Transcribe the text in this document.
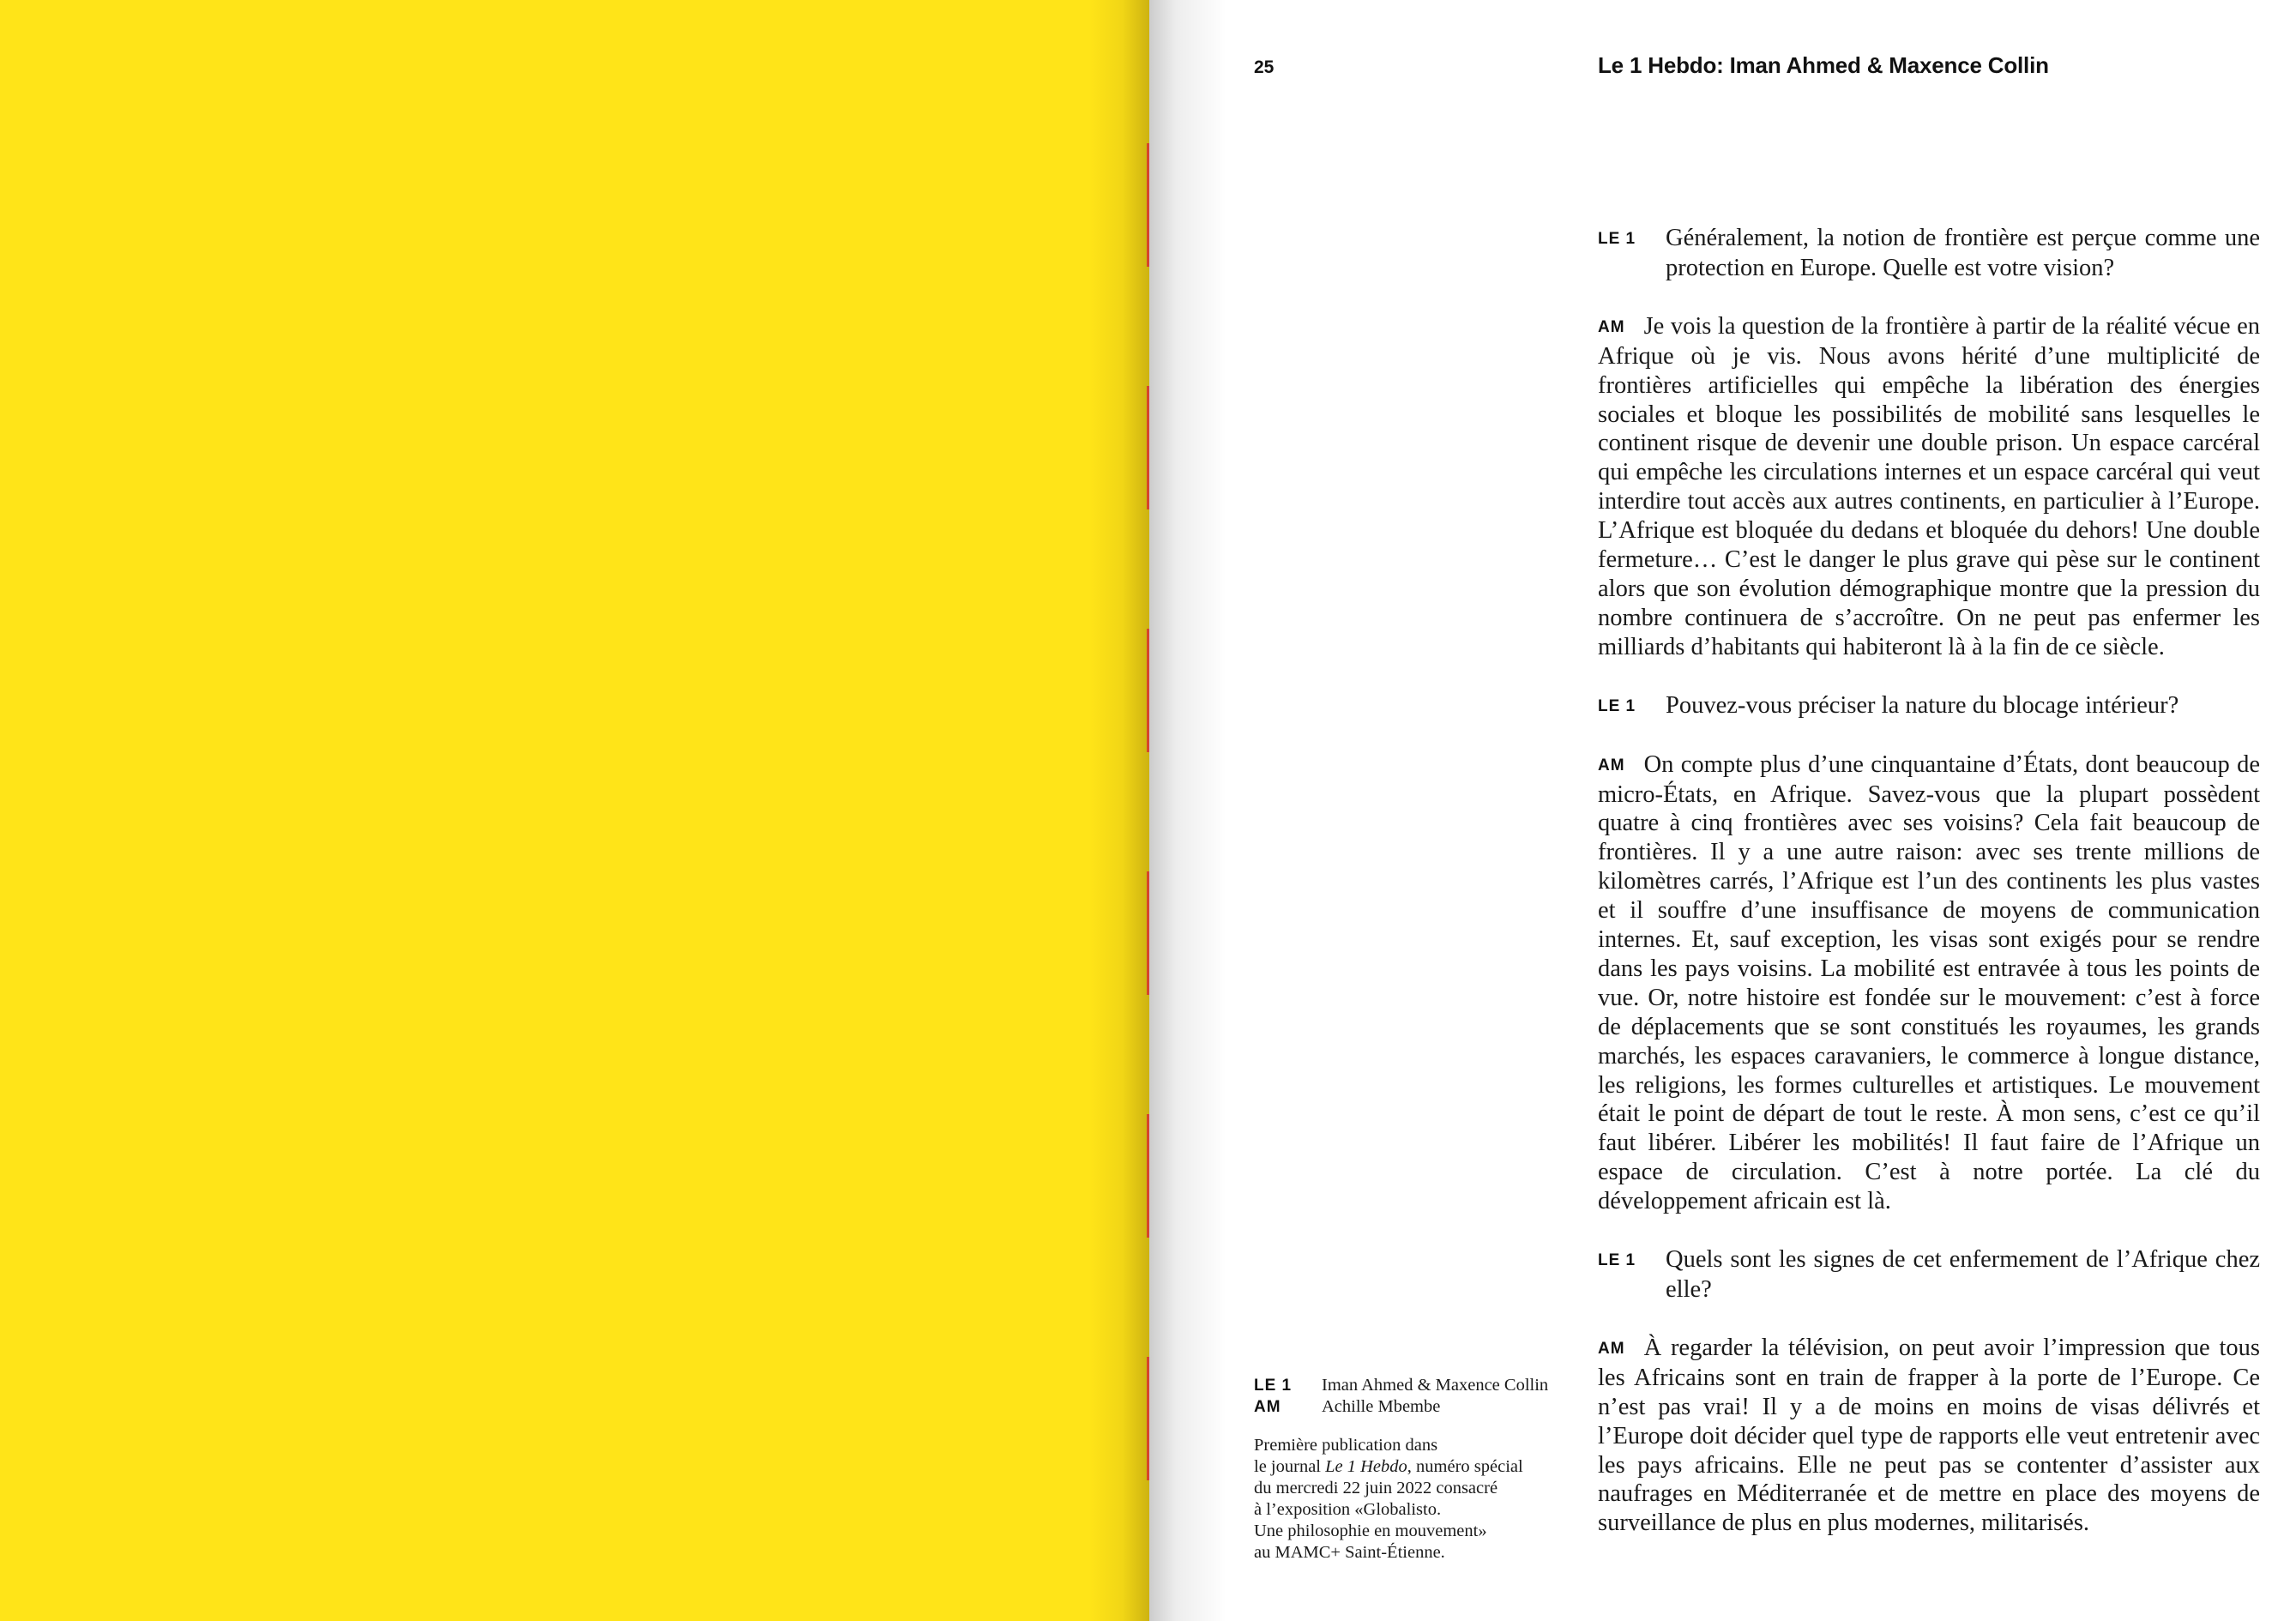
25	Le 1 Hebdo: Iman Ahmed & Maxence Collin

LE 1 Généralement, la notion de frontière est perçue comme une protection en Europe. Quelle est votre vision?

AM Je vois la question de la frontière à partir de la réalité vécue en Afrique où je vis. Nous avons hérité d’une multiplicité de frontières artificielles qui empêche la libération des énergies sociales et bloque les possibilités de mobilité sans lesquelles le continent risque de devenir une double prison. Un espace carcéral qui empêche les circulations internes et un espace carcéral qui veut interdire tout accès aux autres continents, en particulier à l’Europe. L’Afrique est bloquée du dedans et bloquée du dehors! Une double fermeture… C’est le danger le plus grave qui pèse sur le continent alors que son évolution démographique montre que la pression du nombre continuera de s’accroître. On ne peut pas enfermer les milliards d’habitants qui habiteront là à la fin de ce siècle.

LE 1 Pouvez-vous préciser la nature du blocage intérieur?

AM On compte plus d’une cinquantaine d’États, dont beaucoup de micro-États, en Afrique. Savez-vous que la plupart possèdent quatre à cinq frontières avec ses voisins? Cela fait beaucoup de frontières. Il y a une autre raison: avec ses trente millions de kilomètres carrés, l’Afrique est l’un des continents les plus vastes et il souffre d’une insuffisance de moyens de communication internes. Et, sauf exception, les visas sont exigés pour se rendre dans les pays voisins. La mobilité est entravée à tous les points de vue. Or, notre histoire est fondée sur le mouvement: c’est à force de déplacements que se sont constitués les royaumes, les grands marchés, les espaces caravaniers, le commerce à longue distance, les religions, les formes culturelles et artistiques. Le mouvement était le point de départ de tout le reste. À mon sens, c’est ce qu’il faut libérer. Libérer les mobilités! Il faut faire de l’Afrique un espace de circulation. C’est à notre portée. La clé du développement africain est là.

LE 1 Quels sont les signes de cet enfermement de l’Afrique chez elle?

AM À regarder la télévision, on peut avoir l’impression que tous les Africains sont en train de frapper à la porte de l’Europe. Ce n’est pas vrai! Il y a de moins en moins de visas délivrés et l’Europe doit décider quel type de rapports elle veut entretenir avec les pays africains. Elle ne peut pas se contenter d’assister aux naufrages en Méditerranée et de mettre en place des moyens de surveillance de plus en plus modernes, militarisés.

LE 1	Iman Ahmed & Maxence Collin
AM	Achille Mbembe
Première publication dans
le journal Le 1 Hebdo, numéro spécial
du mercredi 22 juin 2022 consacré
à l’exposition «Globalisto.
Une philosophie en mouvement»
au MAMC+ Saint-Étienne.
